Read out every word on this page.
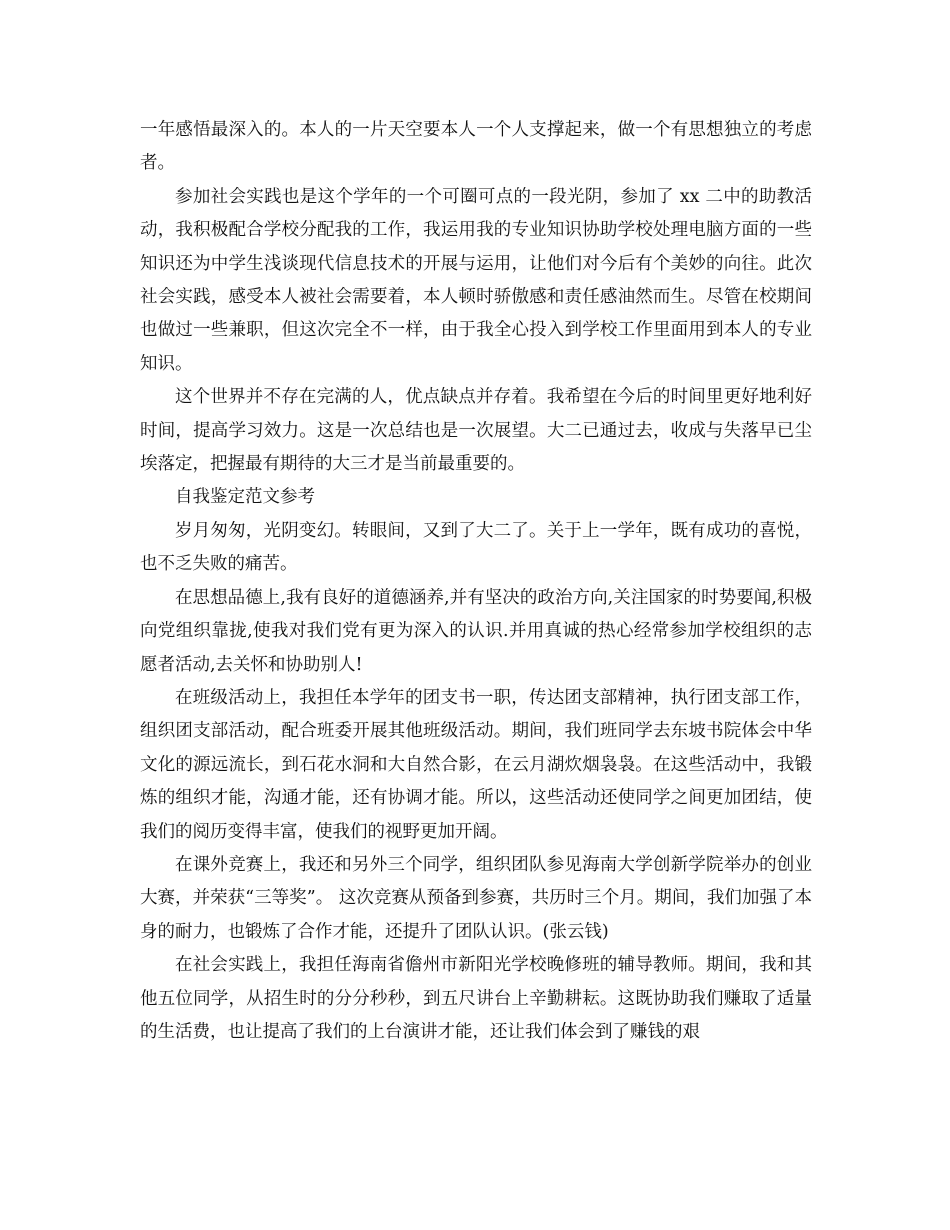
一年感悟最深入的。本人的一片天空要本人一个人支撑起来，做一个有思想独立的考虑者。

参加社会实践也是这个学年的一个可圈可点的一段光阴，参加了 xx 二中的助教活动，我积极配合学校分配我的工作，我运用我的专业知识协助学校处理电脑方面的一些知识还为中学生浅谈现代信息技术的开展与运用，让他们对今后有个美妙的向往。此次社会实践，感受本人被社会需要着，本人顿时骄傲感和责任感油然而生。尽管在校期间也做过一些兼职，但这次完全不一样，由于我全心投入到学校工作里面用到本人的专业知识。

这个世界并不存在完满的人，优点缺点并存着。我希望在今后的时间里更好地利好时间，提高学习效力。这是一次总结也是一次展望。大二已通过去，收成与失落早已尘埃落定，把握最有期待的大三才是当前最重要的。

自我鉴定范文参考

岁月匆匆，光阴变幻。转眼间，又到了大二了。关于上一学年，既有成功的喜悦，也不乏失败的痛苦。

在思想品德上,我有良好的道德涵养,并有坚决的政治方向,关注国家的时势要闻,积极向党组织靠拢,使我对我们党有更为深入的认识.并用真诚的热心经常参加学校组织的志愿者活动,去关怀和协助别人!

在班级活动上，我担任本学年的团支书一职，传达团支部精神，执行团支部工作，组织团支部活动，配合班委开展其他班级活动。期间，我们班同学去东坡书院体会中华文化的源远流长，到石花水洞和大自然合影，在云月湖炊烟袅袅。在这些活动中，我锻炼的组织才能，沟通才能，还有协调才能。所以，这些活动还使同学之间更加团结，使我们的阅历变得丰富，使我们的视野更加开阔。

在课外竞赛上，我还和另外三个同学，组织团队参见海南大学创新学院举办的创业大赛，并荣获“三等奖”。 这次竞赛从预备到参赛，共历时三个月。期间，我们加强了本身的耐力，也锻炼了合作才能，还提升了团队认识。(张云钱)

在社会实践上，我担任海南省儋州市新阳光学校晚修班的辅导教师。期间，我和其他五位同学，从招生时的分分秒秒，到五尺讲台上辛勤耕耘。这既协助我们赚取了适量的生活费，也让提高了我们的上台演讲才能，还让我们体会到了赚钱的艰
